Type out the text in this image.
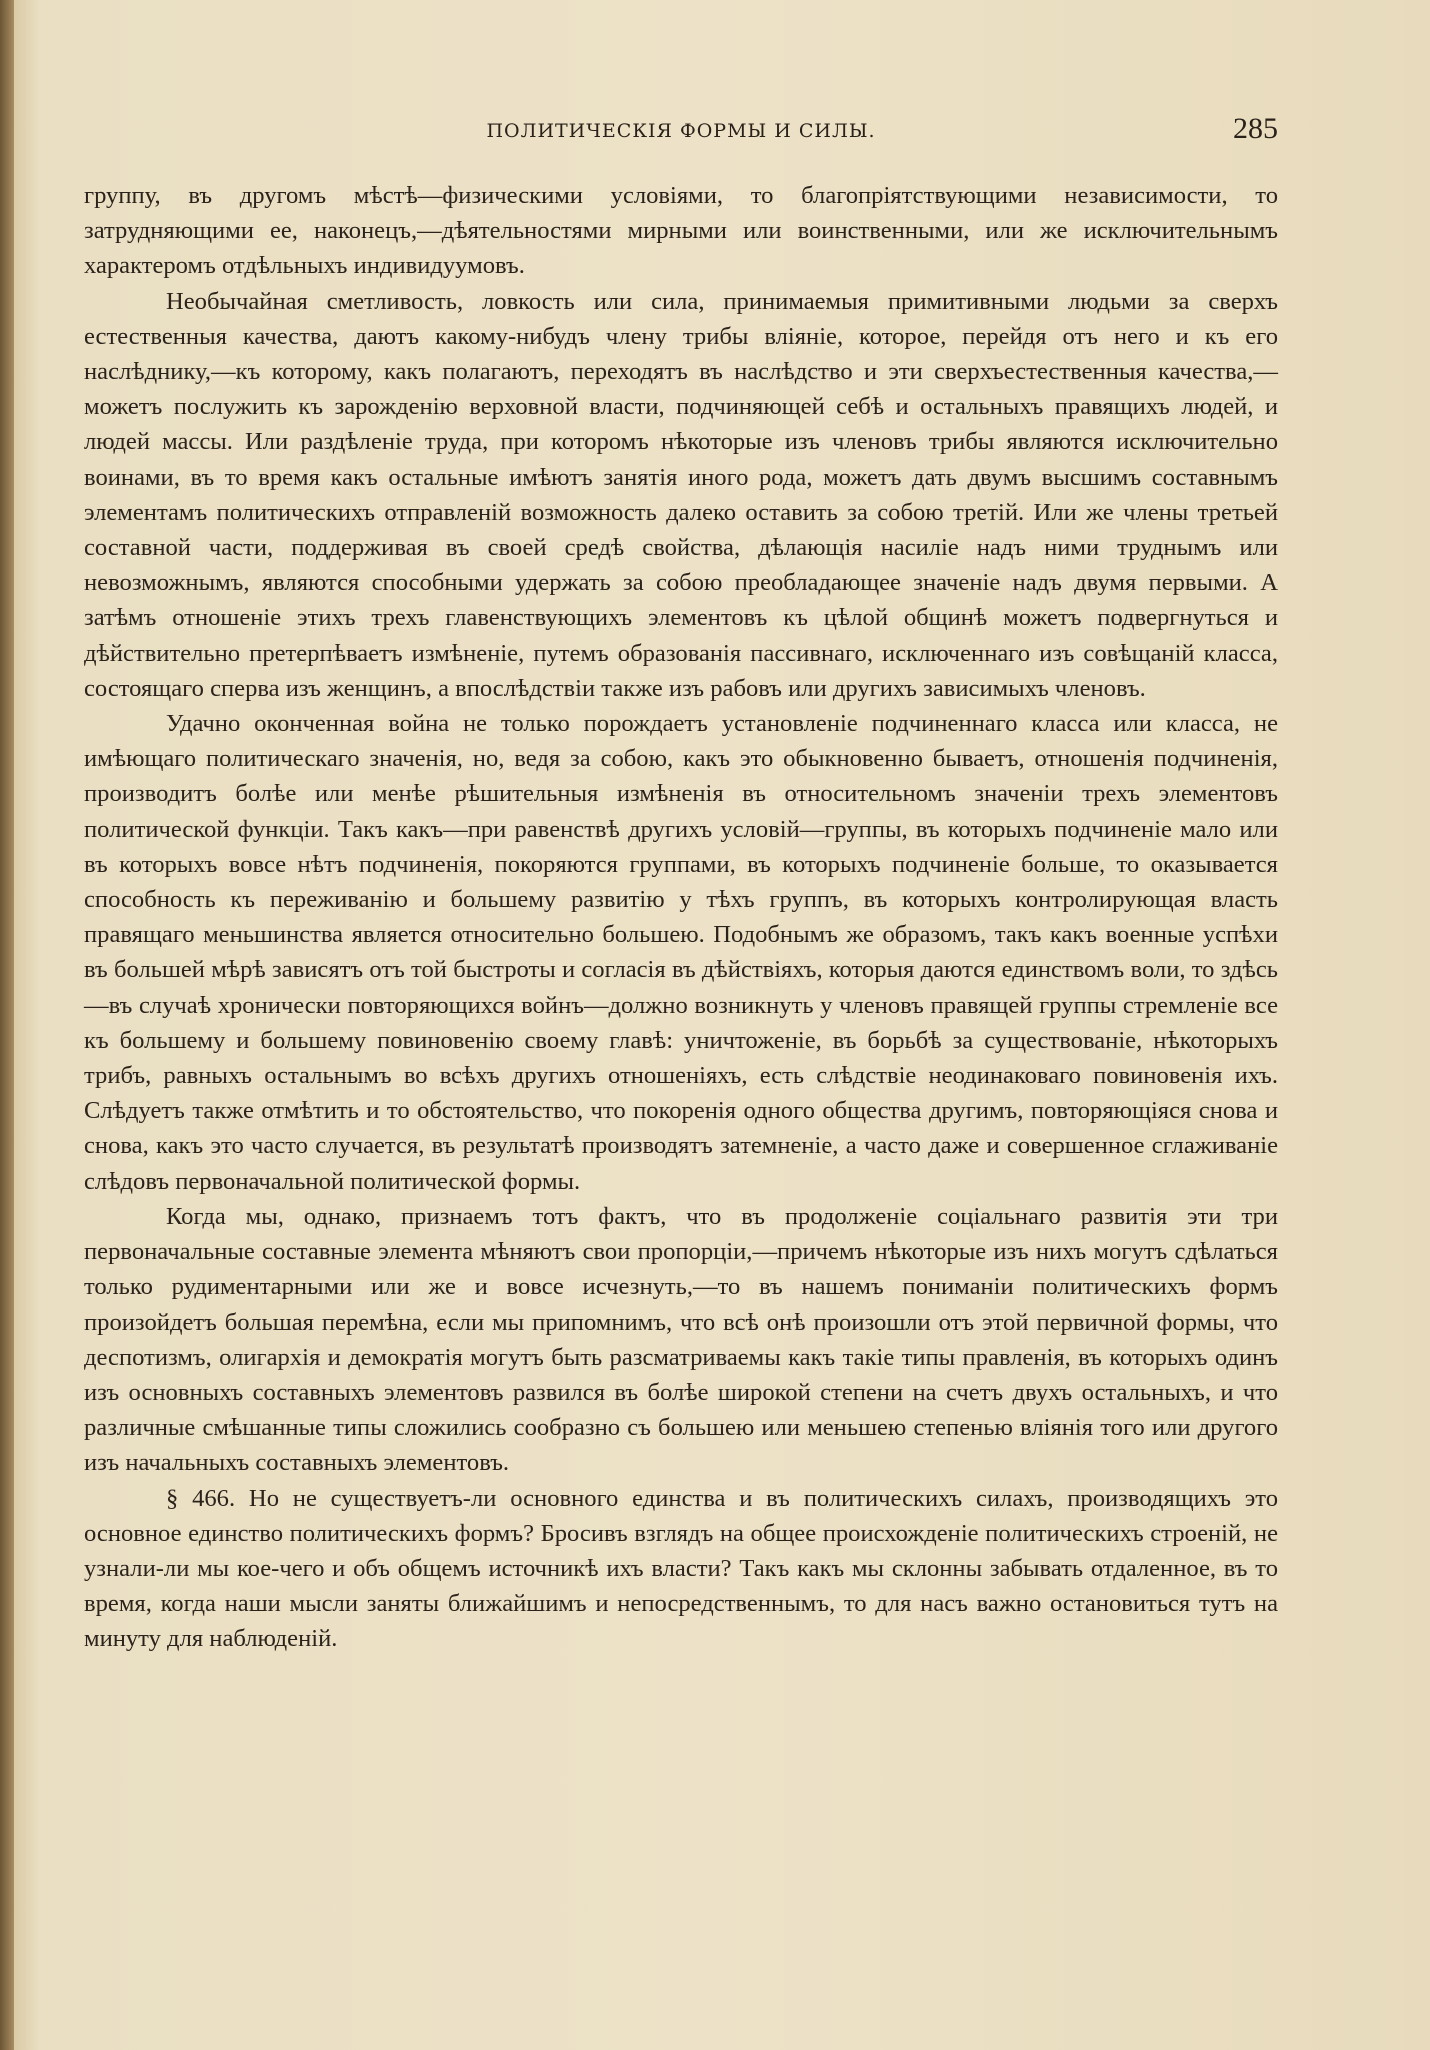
ПОЛИТИЧЕСКІЯ ФОРМЫ И СИЛЫ.	285

группу, въ другомъ мѣстѣ—физическими условіями, то благопріятствующими независимости, то затрудняющими ее, наконецъ,—дѣятельностями мирными или воинственными, или же исключительнымъ характеромъ отдѣльныхъ индивидуумовъ.

Необычайная сметливость, ловкость или сила, принимаемыя примитивными людьми за сверхъ естественныя качества, даютъ какому-нибудъ члену трибы вліяніе, которое, перейдя отъ него и къ его наслѣднику,—къ которому, какъ полагаютъ, переходятъ въ наслѣдство и эти сверхъестественныя качества,—можетъ послужить къ зарожденію верховной власти, подчиняющей себѣ и остальныхъ правящихъ людей, и людей массы. Или раздѣленіе труда, при которомъ нѣкоторые изъ членовъ трибы являются исключительно воинами, въ то время какъ остальные имѣютъ занятія иного рода, можетъ дать двумъ высшимъ составнымъ элементамъ политическихъ отправленій возможность далеко оставить за собою третій. Или же члены третьей составной части, поддерживая въ своей средѣ свойства, дѣлающія насиліе надъ ними труднымъ или невозможнымъ, являются способными удержать за собою преобладающее значеніе надъ двумя первыми. А затѣмъ отношеніе этихъ трехъ главенствующихъ элементовъ къ цѣлой общинѣ можетъ подвергнуться и дѣйствительно претерпѣваетъ измѣненіе, путемъ образованія пассивнаго, исключеннаго изъ совѣщаній класса, состоящаго сперва изъ женщинъ, а впослѣдствіи также изъ рабовъ или другихъ зависимыхъ членовъ.

Удачно оконченная война не только порождаетъ установленіе подчиненнаго класса или класса, не имѣющаго политическаго значенія, но, ведя за собою, какъ это обыкновенно бываетъ, отношенія подчиненія, производитъ болѣе или менѣе рѣшительныя измѣненія въ относительномъ значеніи трехъ элементовъ политической функціи. Такъ какъ—при равенствѣ другихъ условій—группы, въ которыхъ подчиненіе мало или въ которыхъ вовсе нѣтъ подчиненія, покоряются группами, въ которыхъ подчиненіе больше, то оказывается способность къ переживанію и большему развитію у тѣхъ группъ, въ которыхъ контролирующая власть правящаго меньшинства является относительно большею. Подобнымъ же образомъ, такъ какъ военные успѣхи въ большей мѣрѣ зависятъ отъ той быстроты и согласія въ дѣйствіяхъ, которыя даются единствомъ воли, то здѣсь—въ случаѣ хронически повторяющихся войнъ—должно возникнуть у членовъ правящей группы стремленіе все къ большему и большему повиновенію своему главѣ: уничтоженіе, въ борьбѣ за существованіе, нѣкоторыхъ трибъ, равныхъ остальнымъ во всѣхъ другихъ отношеніяхъ, есть слѣдствіе неодинаковаго повиновенія ихъ. Слѣдуетъ также отмѣтить и то обстоятельство, что покоренія одного общества другимъ, повторяющіяся снова и снова, какъ это часто случается, въ результатѣ производятъ затемненіе, а часто даже и совершенное сглаживаніе слѣдовъ первоначальной политической формы.

Когда мы, однако, признаемъ тотъ фактъ, что въ продолженіе соціальнаго развитія эти три первоначальные составные элемента мѣняютъ свои пропорціи,—причемъ нѣкоторые изъ нихъ могутъ сдѣлаться только рудиментарными или же и вовсе исчезнуть,—то въ нашемъ пониманіи политическихъ формъ произойдетъ большая перемѣна, если мы припомнимъ, что всѣ онѣ произошли отъ этой первичной формы, что деспотизмъ, олигархія и демократія могутъ быть разсматриваемы какъ такіе типы правленія, въ которыхъ одинъ изъ основныхъ составныхъ элементовъ развился въ болѣе широкой степени на счетъ двухъ остальныхъ, и что различные смѣшанные типы сложились сообразно съ большею или меньшею степенью вліянія того или другого изъ начальныхъ составныхъ элементовъ.

§ 466. Но не существуетъ-ли основного единства и въ политическихъ силахъ, производящихъ это основное единство политическихъ формъ? Бросивъ взглядъ на общее происхожденіе политическихъ строеній, не узнали-ли мы кое-чего и объ общемъ источникѣ ихъ власти? Такъ какъ мы склонны забывать отдаленное, въ то время, когда наши мысли заняты ближайшимъ и непосредственнымъ, то для насъ важно остановиться тутъ на минуту для наблюденій.
